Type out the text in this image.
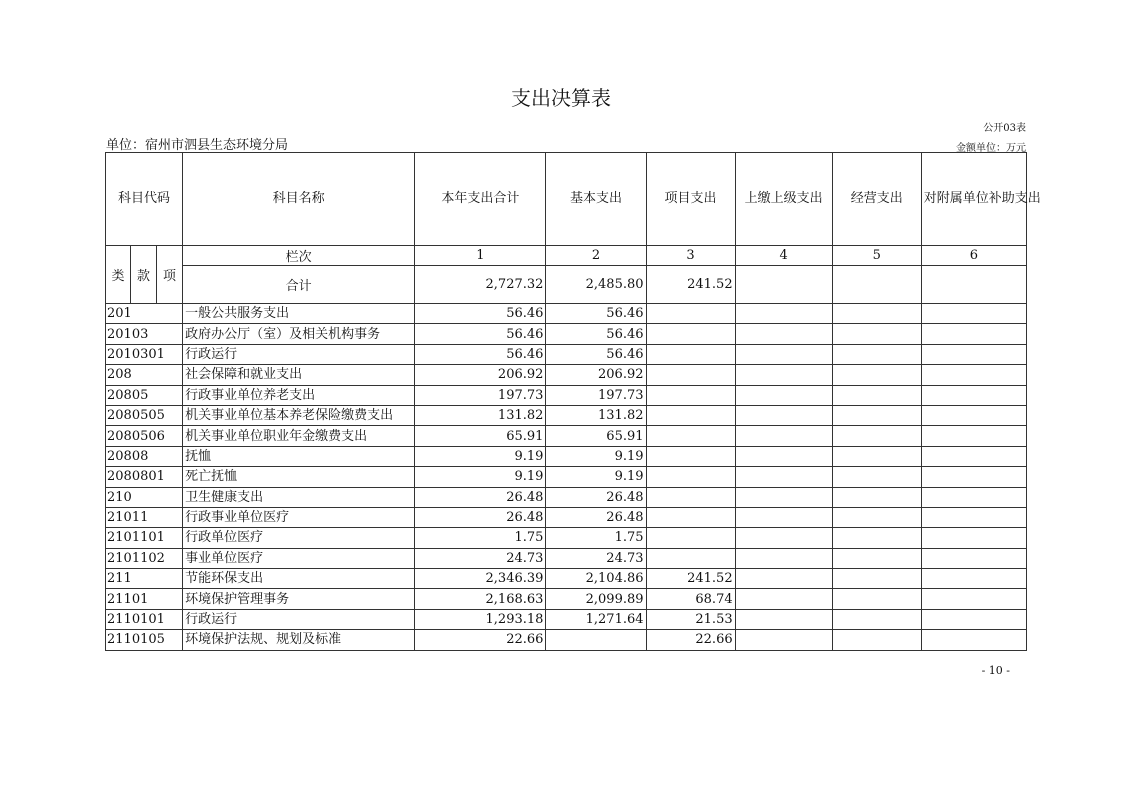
支出决算表
公开03表
单位：宿州市泗县生态环境分局	金额单位：万元
科目代码			科目名称	本年支出合计	基本支出	项目支出	上缴上级支出	经营支出	对附属单位补助支出
类	款	项	栏次	1	2	3	4	5	6
			合计	2,727.32	2,485.80	241.52			
201			一般公共服务支出	56.46	56.46				
20103			政府办公厅（室）及相关机构事务	56.46	56.46				
2010301			行政运行	56.46	56.46				
208			社会保障和就业支出	206.92	206.92				
20805			行政事业单位养老支出	197.73	197.73				
2080505			机关事业单位基本养老保险缴费支出	131.82	131.82				
2080506			机关事业单位职业年金缴费支出	65.91	65.91				
20808			抚恤	9.19	9.19				
2080801			死亡抚恤	9.19	9.19				
210			卫生健康支出	26.48	26.48				
21011			行政事业单位医疗	26.48	26.48				
2101101			行政单位医疗	1.75	1.75				
2101102			事业单位医疗	24.73	24.73				
211			节能环保支出	2,346.39	2,104.86	241.52			
21101			环境保护管理事务	2,168.63	2,099.89	68.74			
2110101			行政运行	1,293.18	1,271.64	21.53			
2110105			环境保护法规、规划及标准	22.66		22.66			
- 10 -
